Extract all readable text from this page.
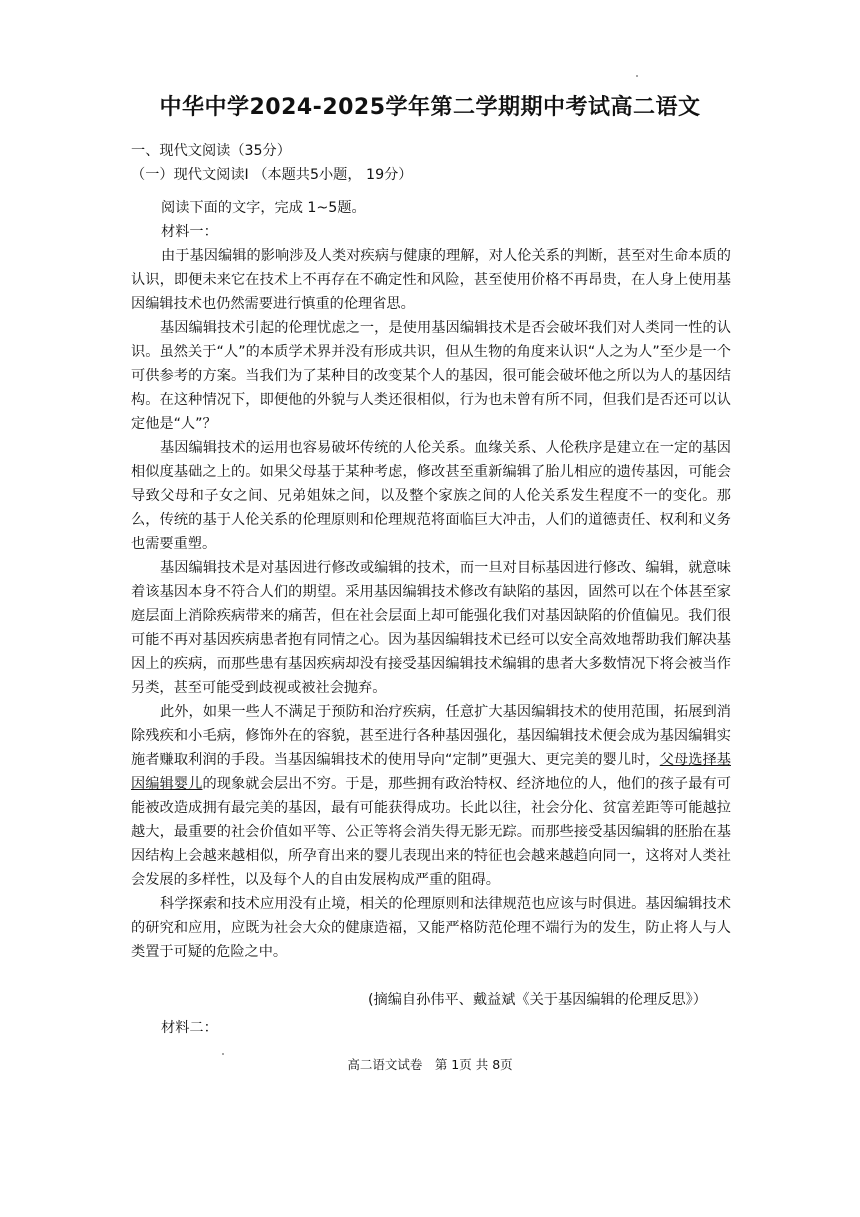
中华中学2024-2025学年第二学期期中考试高二语文
一、现代文阅读（35分）
（一）现代文阅读Ⅰ （本题共5小题， 19分）
阅读下面的文字，完成 1~5题。
材料一：

由于基因编辑的影响涉及人类对疾病与健康的理解，对人伦关系的判断，甚至对生命本质的认识，即便未来它在技术上不再存在不确定性和风险，甚至使用价格不再昂贵，在人身上使用基因编辑技术也仍然需要进行慎重的伦理省思。

基因编辑技术引起的伦理忧虑之一，是使用基因编辑技术是否会破坏我们对人类同一性的认识。虽然关于“人”的本质学术界并没有形成共识，但从生物的角度来认识“人之为人”至少是一个可供参考的方案。当我们为了某种目的改变某个人的基因，很可能会破坏他之所以为人的基因结构。在这种情况下，即便他的外貌与人类还很相似，行为也未曾有所不同，但我们是否还可以认定他是“人”？

基因编辑技术的运用也容易破坏传统的人伦关系。血缘关系、人伦秩序是建立在一定的基因相似度基础之上的。如果父母基于某种考虑，修改甚至重新编辑了胎儿相应的遗传基因，可能会导致父母和子女之间、兄弟姐妹之间，以及整个家族之间的人伦关系发生程度不一的变化。那么，传统的基于人伦关系的伦理原则和伦理规范将面临巨大冲击，人们的道德责任、权利和义务也需要重塑。

基因编辑技术是对基因进行修改或编辑的技术，而一旦对目标基因进行修改、编辑，就意味着该基因本身不符合人们的期望。采用基因编辑技术修改有缺陷的基因，固然可以在个体甚至家庭层面上消除疾病带来的痛苦，但在社会层面上却可能强化我们对基因缺陷的价值偏见。我们很可能不再对基因疾病患者抱有同情之心。因为基因编辑技术已经可以安全高效地帮助我们解决基因上的疾病，而那些患有基因疾病却没有接受基因编辑技术编辑的患者大多数情况下将会被当作另类，甚至可能受到歧视或被社会抛弃。

此外，如果一些人不满足于预防和治疗疾病，任意扩大基因编辑技术的使用范围，拓展到消除残疾和小毛病，修饰外在的容貌，甚至进行各种基因强化，基因编辑技术便会成为基因编辑实施者赚取利润的手段。当基因编辑技术的使用导向“定制”更强大、更完美的婴儿时，父母选择基因编辑婴儿的现象就会层出不穷。于是，那些拥有政治特权、经济地位的人，他们的孩子最有可能被改造成拥有最完美的基因，最有可能获得成功。长此以往，社会分化、贫富差距等可能越拉越大，最重要的社会价值如平等、公正等将会消失得无影无踪。而那些接受基因编辑的胚胎在基因结构上会越来越相似，所孕育出来的婴儿表现出来的特征也会越来越趋向同一，这将对人类社会发展的多样性，以及每个人的自由发展构成严重的阻碍。

科学探索和技术应用没有止境，相关的伦理原则和法律规范也应该与时俱进。基因编辑技术的研究和应用，应既为社会大众的健康造福，又能严格防范伦理不端行为的发生，防止将人与人类置于可疑的危险之中。

(摘编自孙伟平、戴益斌《关于基因编辑的伦理反思》）
材料二：
高二语文试卷　第 1页 共 8页
